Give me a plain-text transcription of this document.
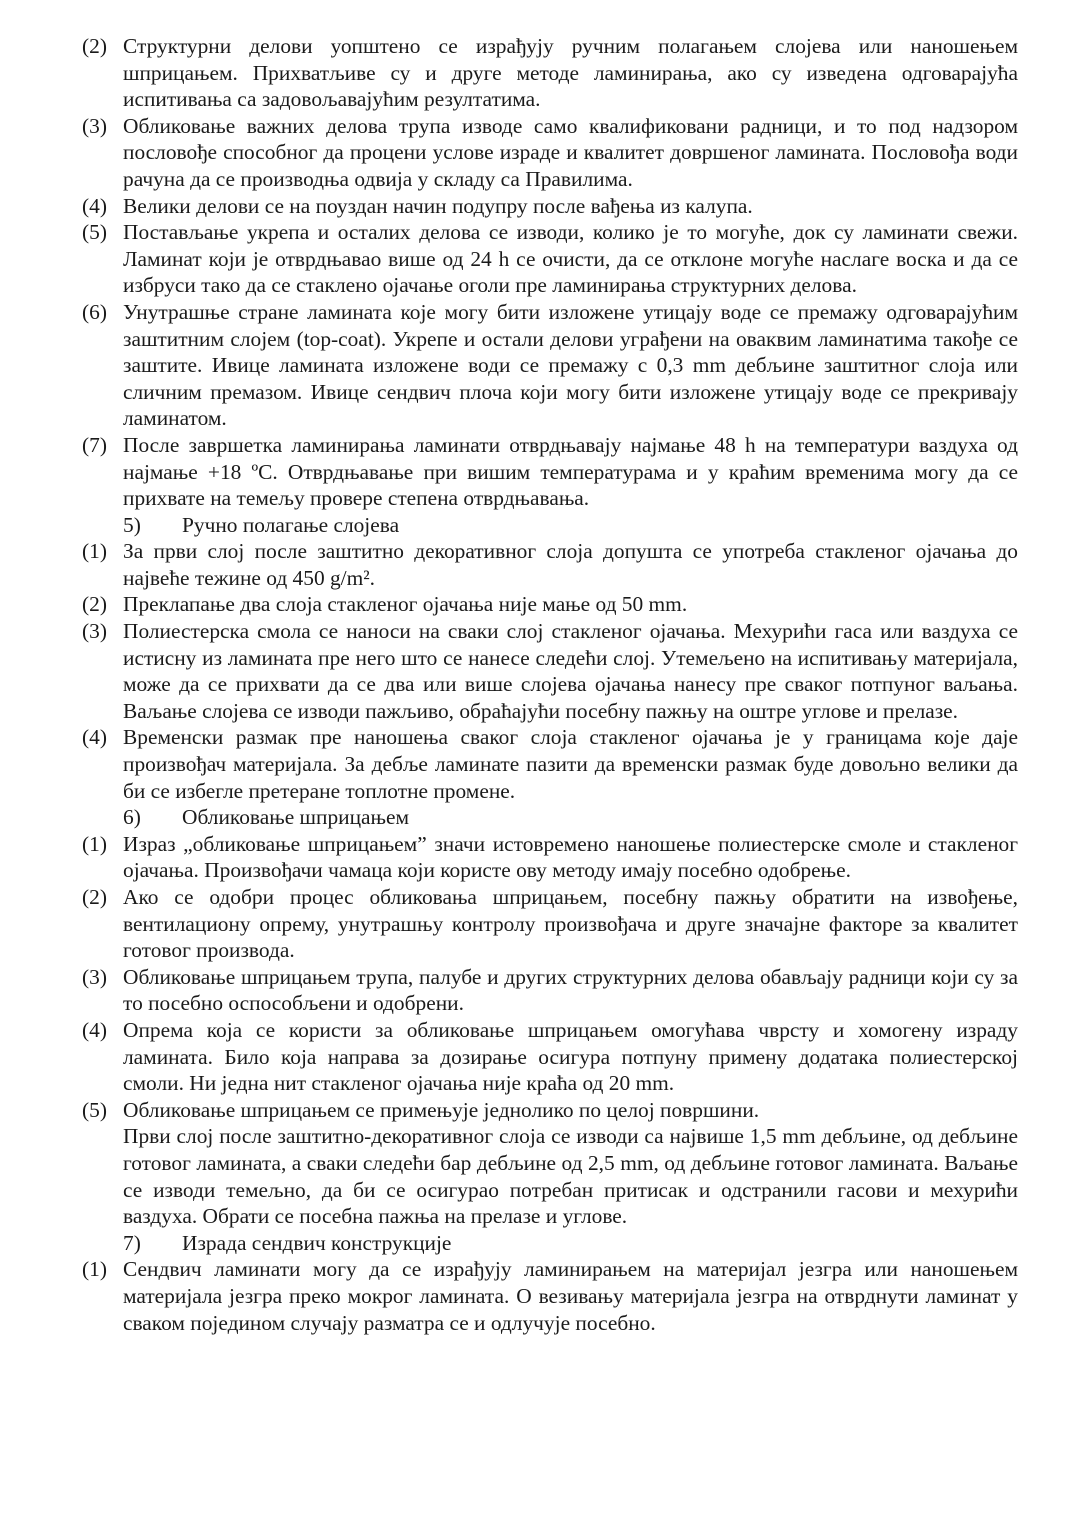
(2) Структурни делови уопштено се израђују ручним полагањем слојева или наношењем шприцањем. Прихватљиве су и друге методе ламинирања, ако су изведена одговарајућа испитивања са задовољавајућим резултатима.
(3) Обликовање важних делова трупа изводе само квалификовани радници, и то под надзором пословође способног да процени услове израде и квалитет довршеног ламината. Пословођа води рачуна да се производња одвија у складу са Правилима.
(4) Велики делови се на поуздан начин подупру после вађења из калупа.
(5) Постављање укрепа и осталих делова се изводи, колико је то могуће, док су ламинати свежи. Ламинат који је отврдњавао више од 24 h се очисти, да се отклоне могуће наслаге воска и да се избруси тако да се стаклено ојачање оголи пре ламинирања структурних делова.
(6) Унутрашње стране ламината које могу бити изложене утицају воде се премажу одговарајућим заштитним слојем (top-coat). Укрепе и остали делови уграђени на оваквим ламинатима такође се заштите. Ивице ламината изложене води се премажу с 0,3 mm дебљине заштитног слоја или сличним премазом. Ивице сендвич плоча који могу бити изложене утицају воде се прекривају ламинатом.
(7) После завршетка ламинирања ламинати отврдњавају најмање 48 h на температури ваздуха од најмање +18 ºC. Отврдњавање при вишим температурама и у краћим временима могу да се прихвате на темељу провере степена отврдњавања.
5)	Ручно полагање слојева
(1) За први слој после заштитно декоративног слоја допушта се употреба стакленог ојачања до највеће тежине од 450 g/m².
(2) Преклапање два слоја стакленог ојачања није мање од 50 mm.
(3) Полиестерска смола се наноси на сваки слој стакленог ојачања. Мехурићи гаса или ваздуха се истисну из ламината пре него што се нанесе следећи слој. Утемељено на испитивању материјала, може да се прихвати да се два или више слојева ојачања нанесу пре сваког потпуног ваљања. Ваљање слојева се изводи пажљиво, обраћајући посебну пажњу на оштре углове и прелазе.
(4) Временски размак пре наношења сваког слоја стакленог ојачања је у границама које даје произвођач материјала. За дебље ламинате пазити да временски размак буде довољно велики да би се избегле претеране топлотне промене.
6)	Обликовање шприцањем
(1) Израз „обликовање шприцањем” значи истовремено наношење полиестерске смоле и стакленог ојачања. Произвођачи чамаца који користе ову методу имају посебно одобрење.
(2) Ако се одобри процес обликовања шприцањем, посебну пажњу обратити на извођење, вентилациону опрему, унутрашњу контролу произвођача и друге значајне факторе за квалитет готовог производа.
(3) Обликовање шприцањем трупа, палубе и других структурних делова обављају радници који су за то посебно оспособљени и одобрени.
(4) Опрема која се користи за обликовање шприцањем омогућава чврсту и хомогену израду ламината. Било која направа за дозирање осигура потпуну примену додатака полиестерској смоли. Ни једна нит стакленог ојачања није краћа од 20 mm.
(5) Обликовање шприцањем се примењује једнолико по целој површини.
Први слој после заштитно-декоративног слоја се изводи са највише 1,5 mm дебљине, од дебљине готовог ламината, а сваки следећи бар дебљине од 2,5 mm, од дебљине готовог ламината. Ваљање се изводи темељно, да би се осигурао потребан притисак и одстранили гасови и мехурићи ваздуха. Обрати се посебна пажња на прелазе и углове.
7)	Израда сендвич конструкције
(1) Сендвич ламинати могу да се израђују ламинирањем на материјал језгра или наношењем материјала језгра преко мокрог ламината. О везивању материјала језгра на отврднути ламинат у сваком поједином случају разматра се и одлучује посебно.
